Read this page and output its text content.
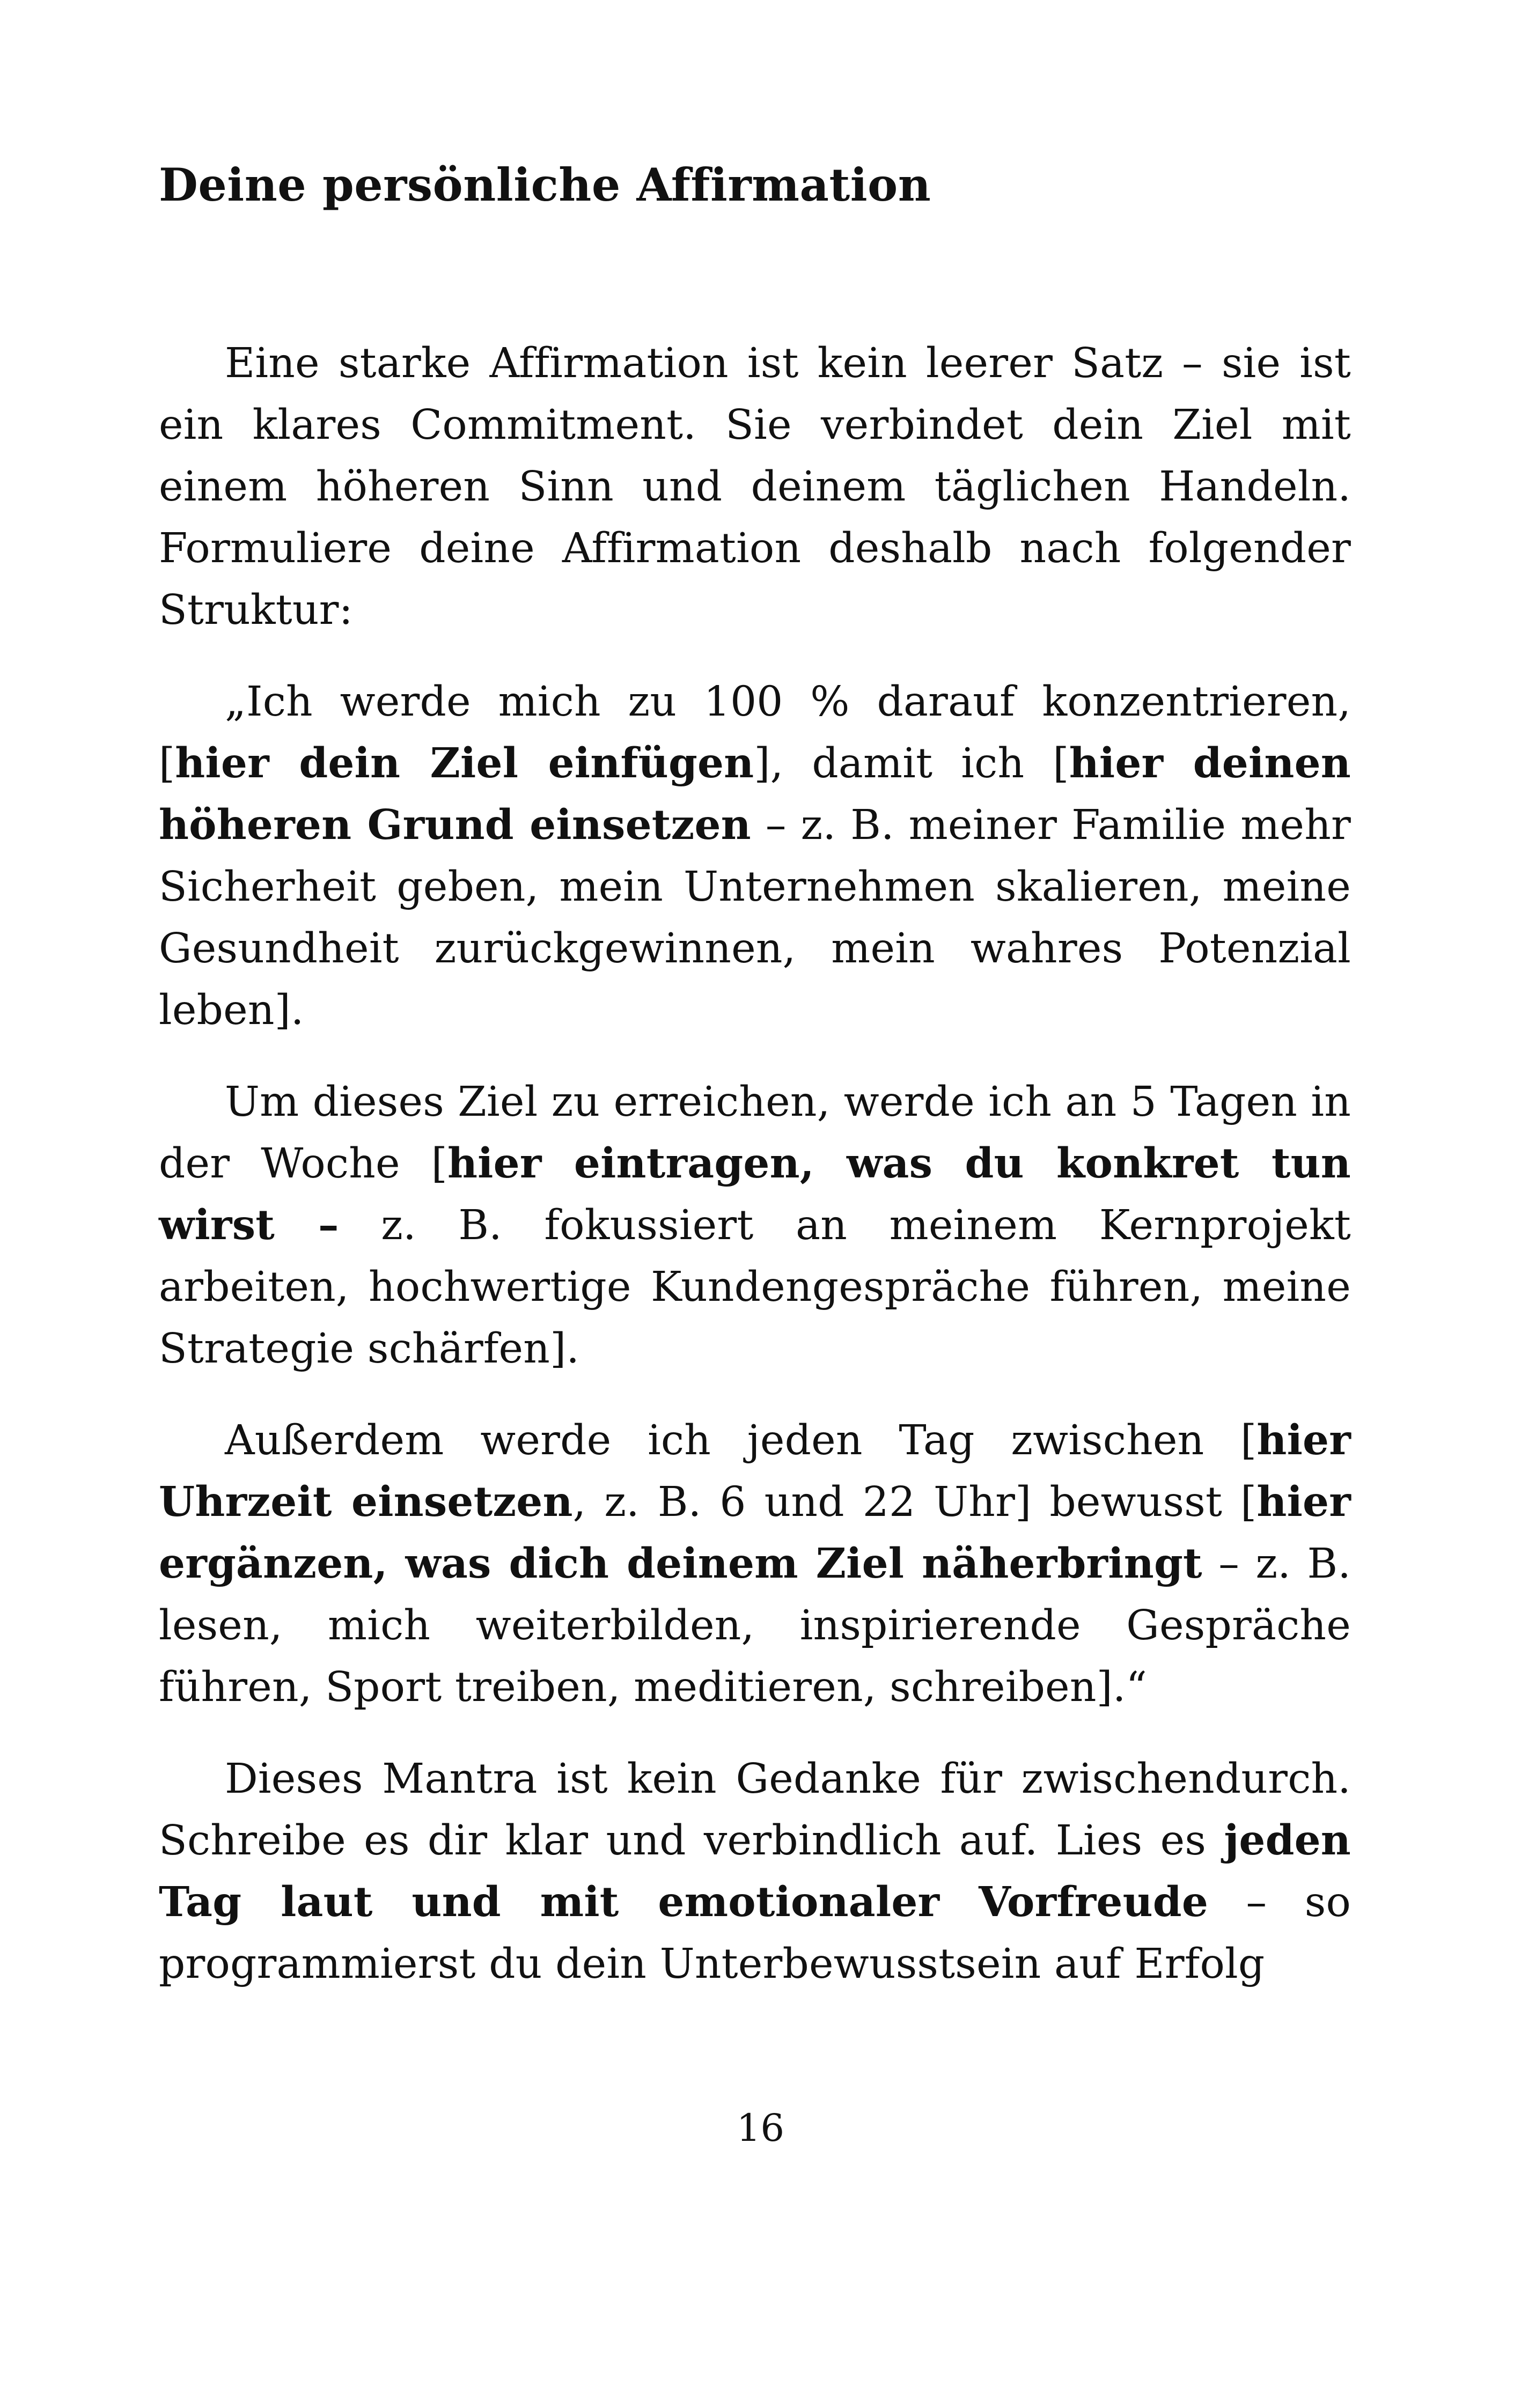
Deine persönliche Affirmation

Eine starke Affirmation ist kein leerer Satz – sie ist ein klares Commitment. Sie verbindet dein Ziel mit einem höheren Sinn und deinem täglichen Handeln. Formuliere deine Affirmation deshalb nach folgender Struktur:

„Ich werde mich zu 100 % darauf konzentrieren, [hier dein Ziel einfügen], damit ich [hier deinen höheren Grund einsetzen – z. B. meiner Familie mehr Sicherheit geben, mein Unternehmen skalieren, meine Gesundheit zurückgewinnen, mein wahres Potenzial leben].

Um dieses Ziel zu erreichen, werde ich an 5 Tagen in der Woche [hier eintragen, was du konkret tun wirst – z. B. fokussiert an meinem Kernprojekt arbeiten, hochwertige Kundengespräche führen, meine Strategie schärfen].

Außerdem werde ich jeden Tag zwischen [hier Uhrzeit einsetzen, z. B. 6 und 22 Uhr] bewusst [hier ergänzen, was dich deinem Ziel näherbringt – z. B. lesen, mich weiterbilden, inspirierende Gespräche führen, Sport treiben, meditieren, schreiben].“

Dieses Mantra ist kein Gedanke für zwischendurch. Schreibe es dir klar und verbindlich auf. Lies es jeden Tag laut und mit emotionaler Vorfreude – so programmierst du dein Unterbewusstsein auf Erfolg

16
